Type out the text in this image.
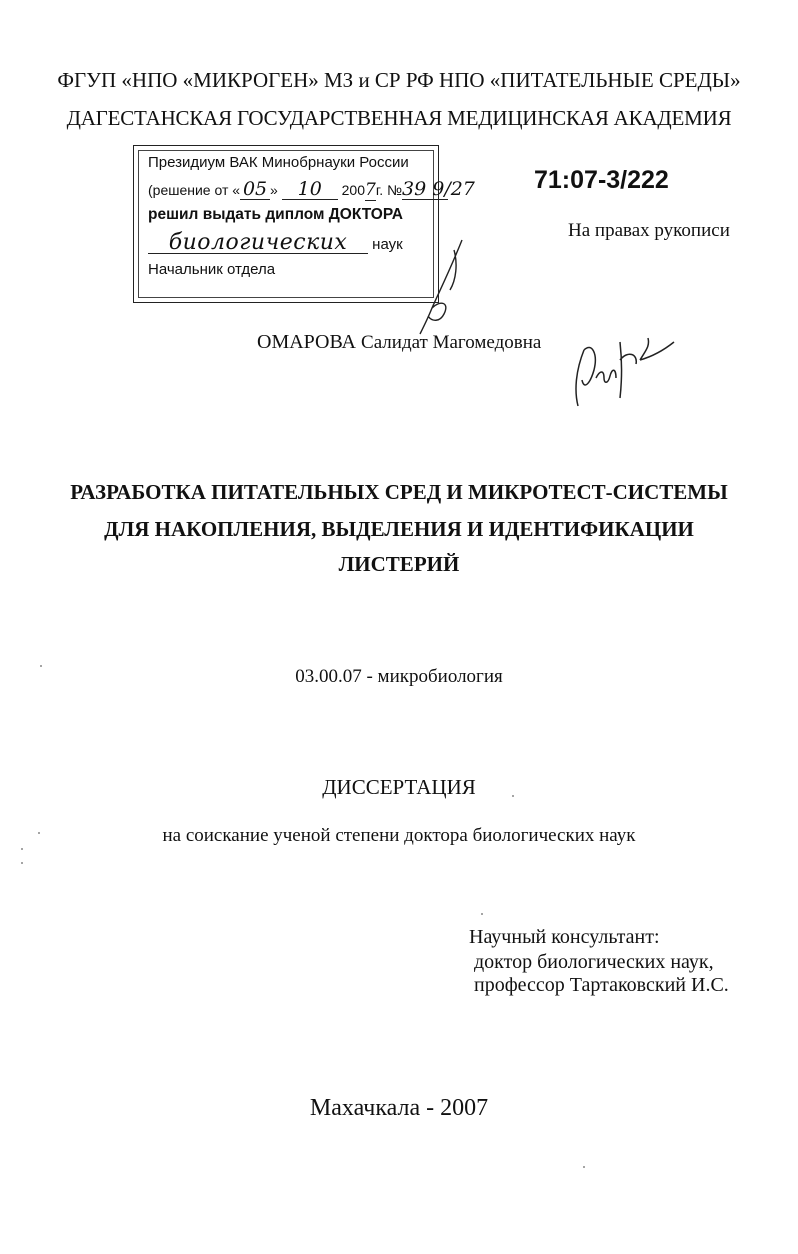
ФГУП «НПО «МИКРОГЕН» МЗ и СР РФ НПО «ПИТАТЕЛЬНЫЕ СРЕДЫ»
ДАГЕСТАНСКАЯ ГОСУДАРСТВЕННАЯ МЕДИЦИНСКАЯ АКАДЕМИЯ
Президиум ВАК Минобрнауки России
(решение от « 05 » 10 2007г. №39 9/27
решил выдать диплом ДОКТОРА
биологических наук
Начальник отдела
71:07-3/222
На правах рукописи
ОМАРОВА Салидат Магомедовна
РАЗРАБОТКА ПИТАТЕЛЬНЫХ СРЕД И МИКРОТЕСТ-СИСТЕМЫ
ДЛЯ НАКОПЛЕНИЯ, ВЫДЕЛЕНИЯ И ИДЕНТИФИКАЦИИ
ЛИСТЕРИЙ
03.00.07 - микробиология
ДИССЕРТАЦИЯ
на соискание ученой степени доктора биологических наук
Научный консультант:
доктор биологических наук,
профессор Тартаковский И.С.
Махачкала - 2007
